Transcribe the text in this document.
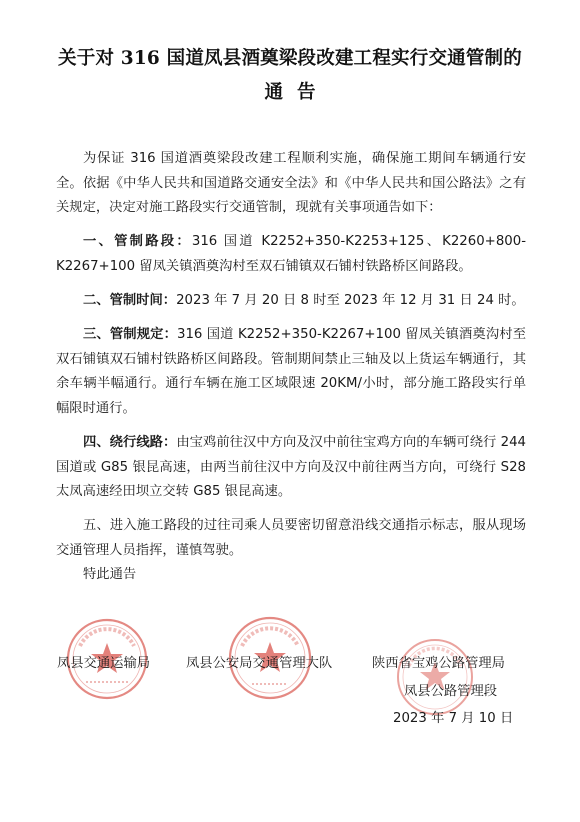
关于对 316 国道凤县酒奠梁段改建工程实行交通管制的
通告

为保证 316 国道酒奠梁段改建工程顺利实施，确保施工期间车辆通行安全。依据《中华人民共和国道路交通安全法》和《中华人民共和国公路法》之有关规定，决定对施工路段实行交通管制，现就有关事项通告如下：

一、管制路段：316 国道 K2252+350-K2253+125、K2260+800-K2267+100 留凤关镇酒奠沟村至双石铺镇双石铺村铁路桥区间路段。

二、管制时间：2023 年 7 月 20 日 8 时至 2023 年 12 月 31 日 24 时。

三、管制规定：316 国道 K2252+350-K2267+100 留凤关镇酒奠沟村至双石铺镇双石铺村铁路桥区间路段。管制期间禁止三轴及以上货运车辆通行，其余车辆半幅通行。通行车辆在施工区域限速 20KM/小时，部分施工路段实行单幅限时通行。

四、绕行线路：由宝鸡前往汉中方向及汉中前往宝鸡方向的车辆可绕行 244 国道或 G85 银昆高速，由两当前往汉中方向及汉中前往两当方向，可绕行 S28 太凤高速经田坝立交转 G85 银昆高速。

五、进入施工路段的过往司乘人员要密切留意沿线交通指示标志，服从现场交通管理人员指挥，谨慎驾驶。

特此通告
凤县交通运输局	凤县公安局交通管理大队	陕西省宝鸡公路管理局
凤县公路管理段
2023 年 7 月 10 日
